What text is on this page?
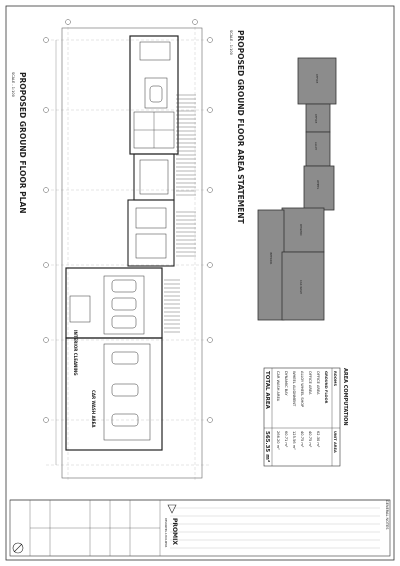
CAR WASH AREA
INTERIOR CLEANING
PROPOSED GROUND FLOOR PLAN
SCALE - 1:100	PROPOSED GROUND FLOOR AREA STATEMENT
SCALE - 1:100
OFFICE
OFFICE
ALLOY
WHEEL
DYNAMIC
INTERIOR
CAR WASH
AREA COMPUTATION
ROOMS
UNIT AREA
GROUND FLOOR
OFFICE AREA
62.30 m²
OFFICE AREA
40.75 m²
ALLOY WHEEL SHOP
40.75 m²
WHEEL ALIGNMENT
125.56 m²
DYNAMIC BAY
60.71 m²
CAR WASH AREA
266.20 m²
TOTAL AREA
565.35 m²
GENERAL NOTES
PROMIX
DESIGNERS & BUILDERS
